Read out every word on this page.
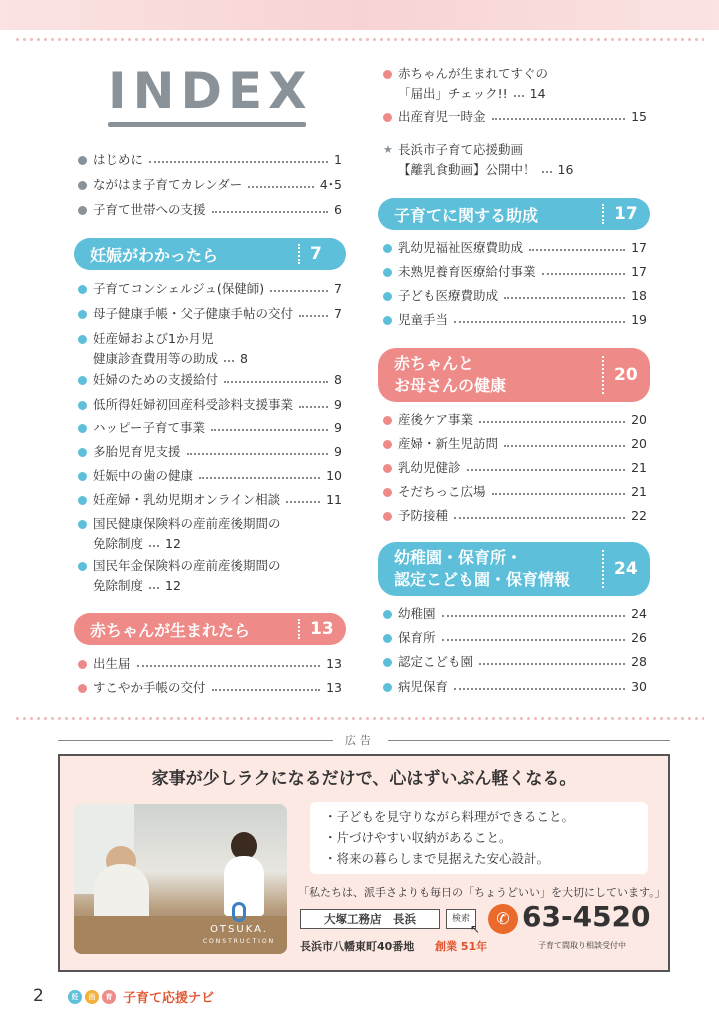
INDEX
はじめに	1
ながはま子育てカレンダー	4･5
子育て世帯への支援	6
妊娠がわかったら	7
子育てコンシェルジュ(保健師)	7
母子健康手帳・父子健康手帖の交付	7
妊産婦および1か月児
健康診査費用等の助成 8
妊婦のための支援給付	8
低所得妊婦初回産科受診料支援事業	9
ハッピー子育て事業	9
多胎児育児支援	9
妊娠中の歯の健康	10
妊産婦・乳幼児期オンライン相談	11
国民健康保険料の産前産後期間の
免除制度 12
国民年金保険料の産前産後期間の
免除制度 12
赤ちゃんが生まれたら	13
出生届	13
すこやか手帳の交付	13
赤ちゃんが生まれてすぐの
「届出」チェック!! 14
出産育児一時金	15
★ 長浜市子育て応援動画
【離乳食動画】公開中！ 16
子育てに関する助成	17
乳幼児福祉医療費助成	17
未熟児養育医療給付事業	17
子ども医療費助成	18
児童手当	19
赤ちゃんと
お母さんの健康
20
産後ケア事業	20
産婦・新生児訪問	20
乳幼児健診	21
そだちっこ広場	21
予防接種	22
幼稚園・保育所・
認定こども園・保育情報
24
幼稚園	24
保育所	26
認定こども園	28
病児保育	30
広告
家事が少しラクになるだけで、心はずいぶん軽くなる。
OTSUKA.
CONSTRUCTION
・子どもを見守りながら料理ができること。
・片づけやすい収納があること。
・将来の暮らしまで見据えた安心設計。
「私たちは、派手さよりも毎日の「ちょうどいい」を大切にしています。」
大塚工務店　長浜	検索
↖
✆ 63-4520
長浜市八幡東町40番地 創業 51年	子育て間取り相談受付中
2	妊	出	育 子育て応援ナビ
